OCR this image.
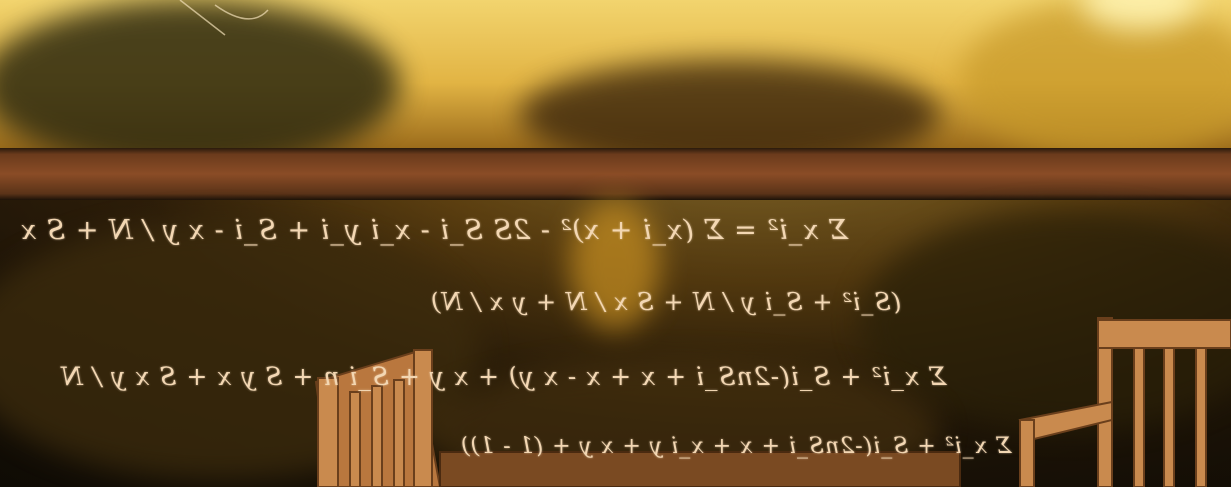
Σ x_i² = Σ (x_i + x)² - 2S S_i - x_i y_i + S_i - x y / N + S x
(S_i² + S_i y / N + S x / N + y x / N)
Σ x_i² + S_i(-2nS_i + x + x - x y) + x y + S_i n + S y x + S x y / N
Σ x_i² + S_i(-2nS_i + x + x_i y + x y + (1 - 1))
